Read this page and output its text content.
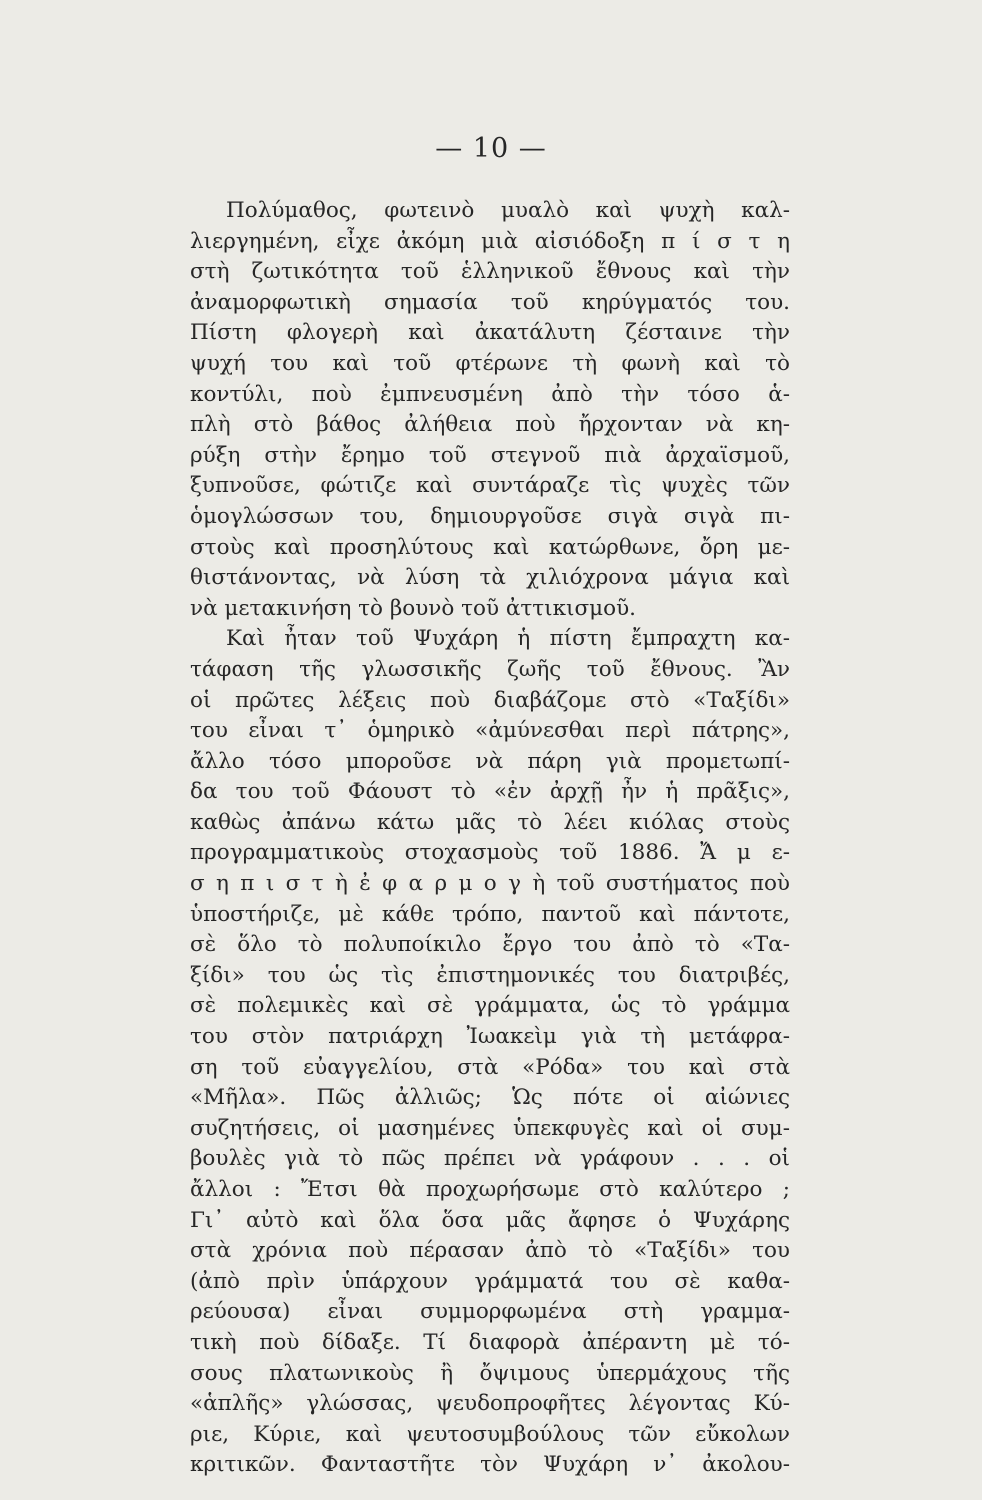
— 10 —
Πολύμαθος, φωτεινὸ μυαλὸ καὶ ψυχὴ καλ-
λιεργημένη, εἶχε ἀκόμη μιὰ αἰσιόδοξη π ί σ τ η
στὴ ζωτικότητα τοῦ ἑλληνικοῦ ἔθνους καὶ τὴν
ἀναμορφωτικὴ σημασία τοῦ κηρύγματός του.
Πίστη φλογερὴ καὶ ἀκατάλυτη ζέσταινε τὴν
ψυχή του καὶ τοῦ φτέρωνε τὴ φωνὴ καὶ τὸ
κοντύλι, ποὺ ἐμπνευσμένη ἀπὸ τὴν τόσο ἁ-
πλὴ στὸ βάθος ἀλήθεια ποὺ ἤρχονταν νὰ κη-
ρύξη στὴν ἔρημο τοῦ στεγνοῦ πιὰ ἀρχαϊσμοῦ,
ξυπνοῦσε, φώτιζε καὶ συντάραζε τὶς ψυχὲς τῶν
ὁμογλώσσων του, δημιουργοῦσε σιγὰ σιγὰ πι-
στοὺς καὶ προσηλύτους καὶ κατώρθωνε, ὄρη με-
θιστάνοντας, νὰ λύση τὰ χιλιόχρονα μάγια καὶ
νὰ μετακινήση τὸ βουνὸ τοῦ ἀττικισμοῦ.
Καὶ ἦταν τοῦ Ψυχάρη ἡ πίστη ἔμπραχτη κα-
τάφαση τῆς γλωσσικῆς ζωῆς τοῦ ἔθνους. Ἂν
οἱ πρῶτες λέξεις ποὺ διαβάζομε στὸ «Ταξίδι»
του εἶναι τ᾽ ὁμηρικὸ «ἀμύνεσθαι περὶ πάτρης»,
ἄλλο τόσο μποροῦσε νὰ πάρη γιὰ προμετωπί-
δα του τοῦ Φάουστ τὸ «ἐν ἀρχῇ ἦν ἡ πρᾶξις»,
καθὼς ἀπάνω κάτω μᾶς τὸ λέει κιόλας στοὺς
προγραμματικοὺς στοχασμοὺς τοῦ 1886. Ἄ μ ε-
σ η π ι σ τ ὴ ἐ φ α ρ μ ο γ ὴ τοῦ συστήματος ποὺ
ὑποστήριζε, μὲ κάθε τρόπο, παντοῦ καὶ πάντοτε,
σὲ ὅλο τὸ πολυποίκιλο ἔργο του ἀπὸ τὸ «Τα-
ξίδι» του ὡς τὶς ἐπιστημονικές του διατριβές,
σὲ πολεμικὲς καὶ σὲ γράμματα, ὡς τὸ γράμμα
του στὸν πατριάρχη Ἰωακεὶμ γιὰ τὴ μετάφρα-
ση τοῦ εὐαγγελίου, στὰ «Ρόδα» του καὶ στὰ
«Μῆλα». Πῶς ἀλλιῶς; Ὡς πότε οἱ αἰώνιες
συζητήσεις, οἱ μασημένες ὑπεκφυγὲς καὶ οἱ συμ-
βουλὲς γιὰ τὸ πῶς πρέπει νὰ γράφουν . . . οἱ
ἄλλοι : Ἔτσι θὰ προχωρήσωμε στὸ καλύτερο ;
Γι᾽ αὐτὸ καὶ ὅλα ὅσα μᾶς ἄφησε ὁ Ψυχάρης
στὰ χρόνια ποὺ πέρασαν ἀπὸ τὸ «Ταξίδι» του
(ἀπὸ πρὶν ὑπάρχουν γράμματά του σὲ καθα-
ρεύουσα) εἶναι συμμορφωμένα στὴ γραμμα-
τικὴ ποὺ δίδαξε. Τί διαφορὰ ἀπέραντη μὲ τό-
σους πλατωνικοὺς ἢ ὄψιμους ὑπερμάχους τῆς
«ἁπλῆς» γλώσσας, ψευδοπροφῆτες λέγοντας Κύ-
ριε, Κύριε, καὶ ψευτοσυμβούλους τῶν εὔκολων
κριτικῶν. Φανταστῆτε τὸν Ψυχάρη ν᾽ ἀκολου-
